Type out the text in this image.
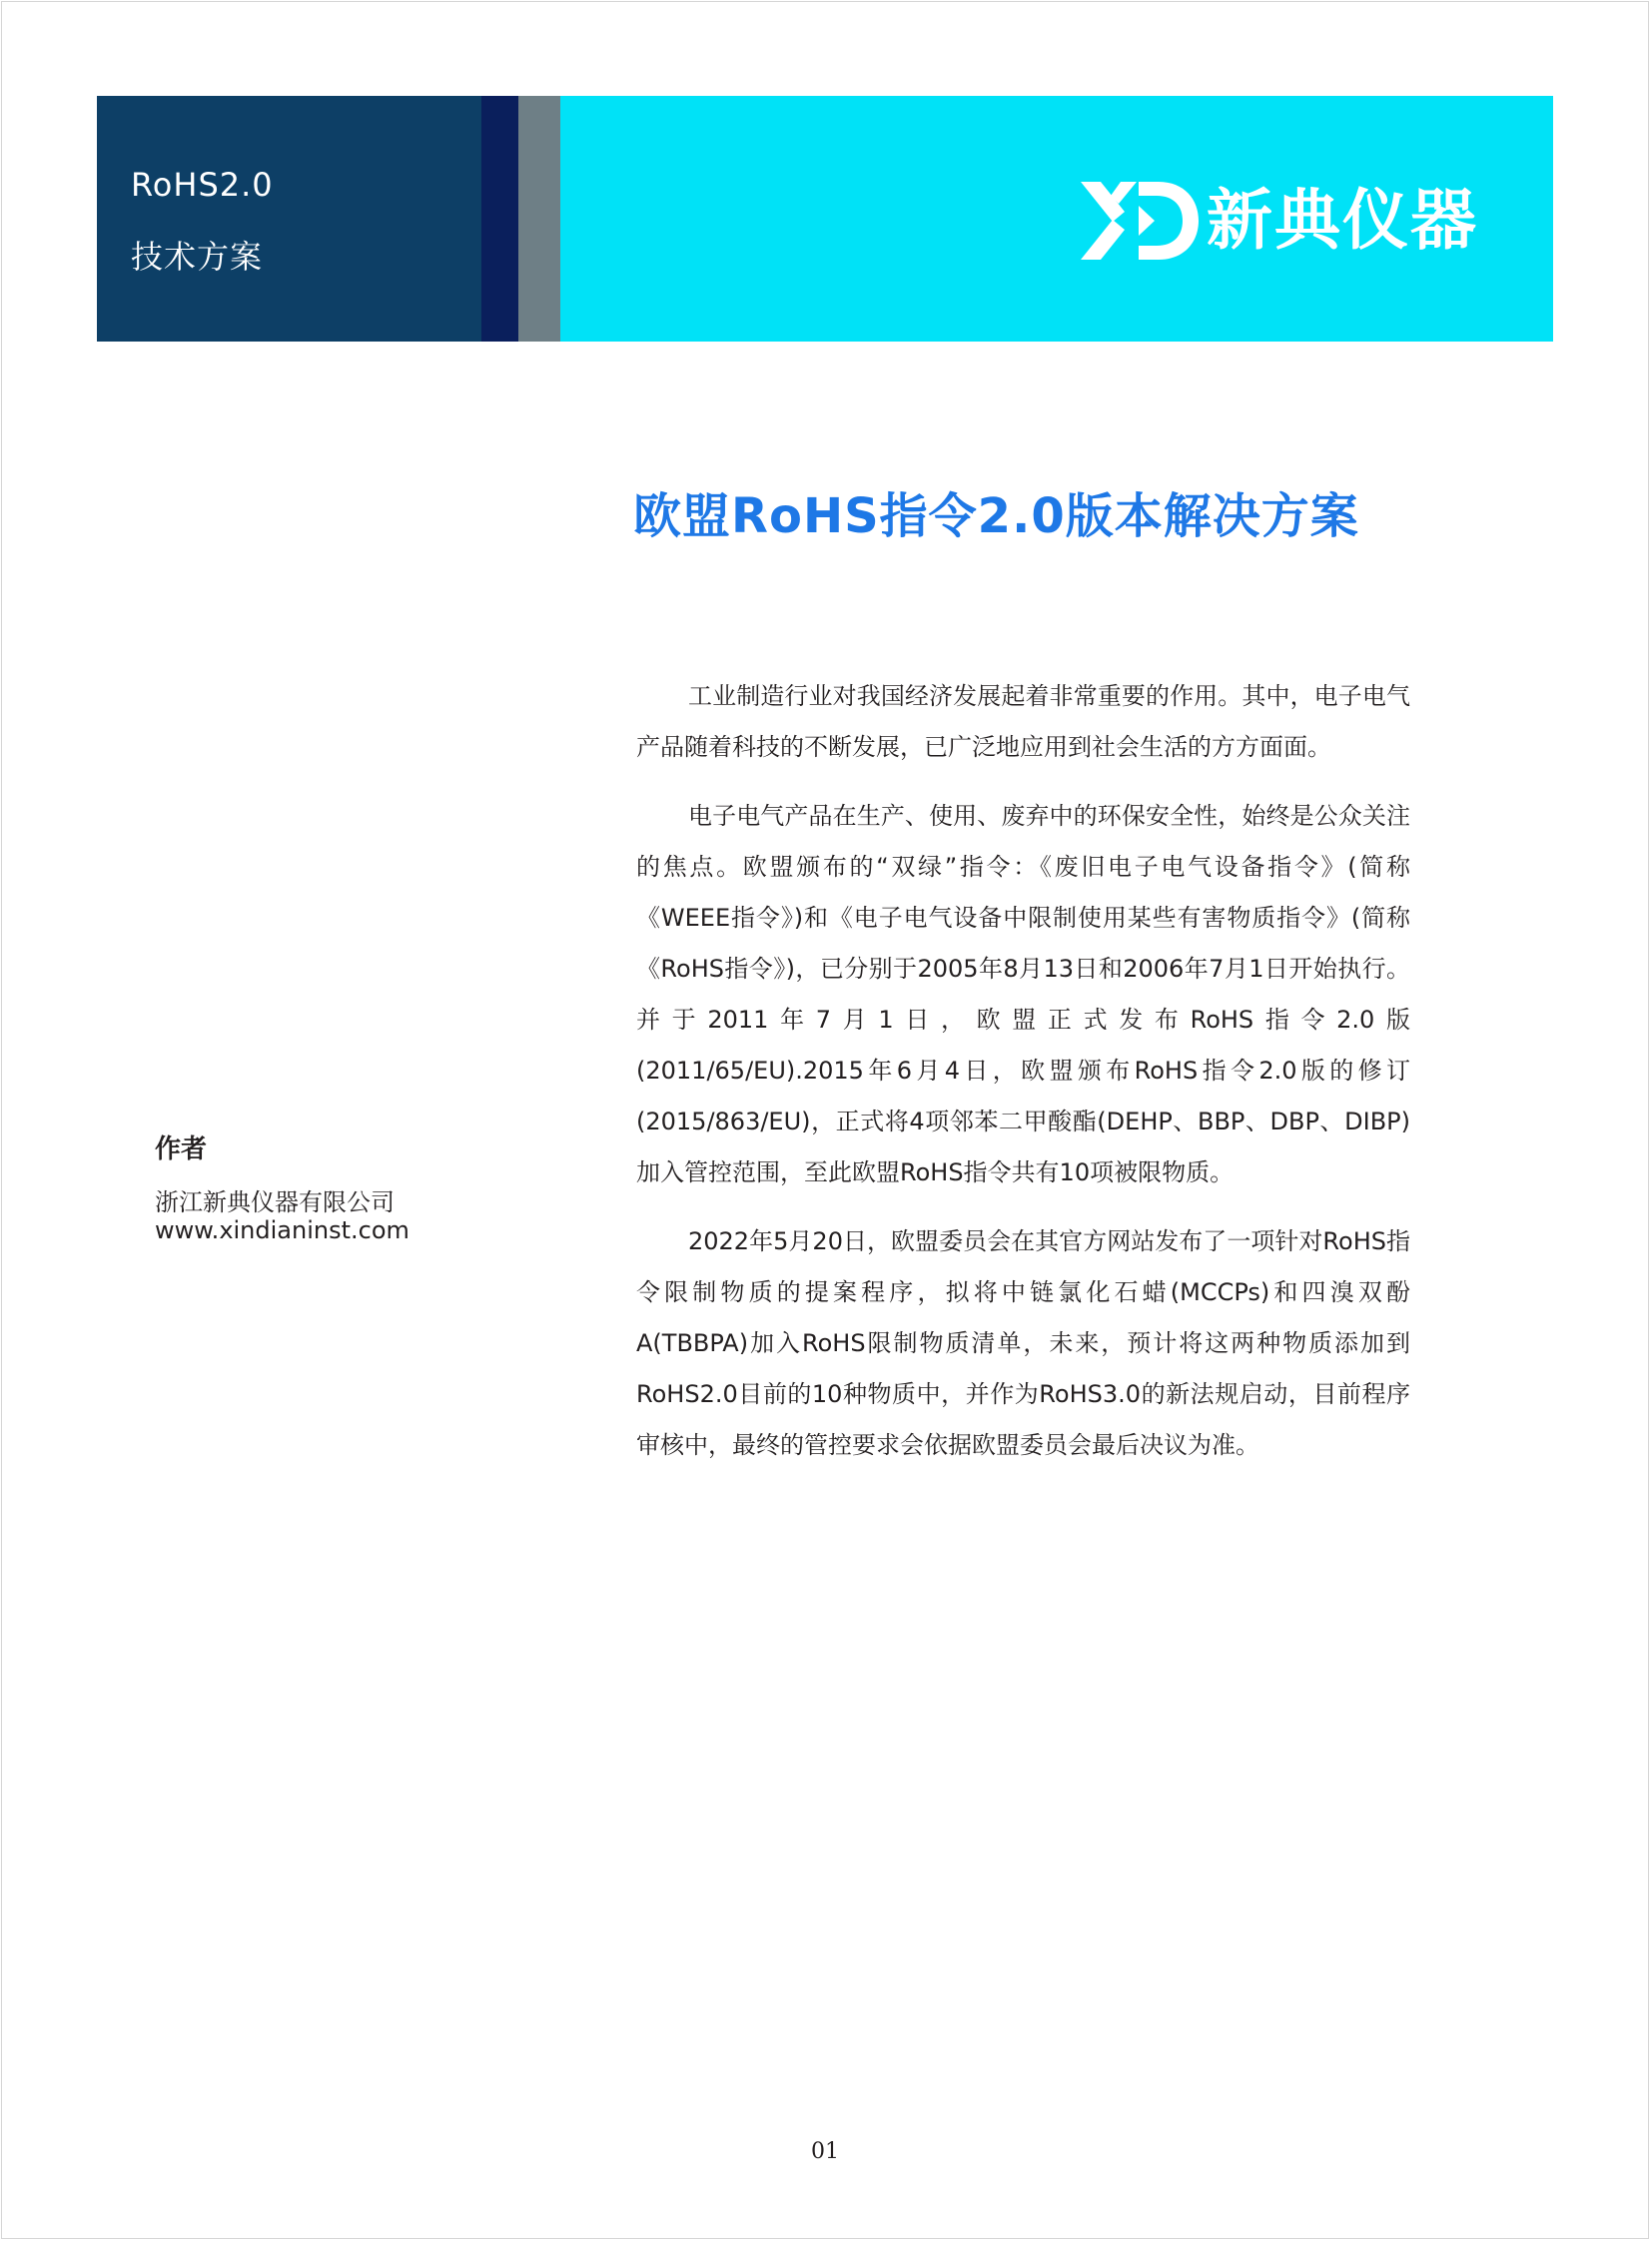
RoHS2.0
技术方案	新典仪器
欧盟RoHS指令2.0版本解决方案

工业制造行业对我国经济发展起着非常重要的作用。其中，电子电气产品随着科技的不断发展，已广泛地应用到社会生活的方方面面。

电子电气产品在生产、使用、废弃中的环保安全性，始终是公众关注的焦点。欧盟颁布的“双绿”指令：《废旧电子电气设备指令》(简称《WEEE指令》)和《电子电气设备中限制使用某些有害物质指令》(简称《RoHS指令》)，已分别于2005年8月13日和2006年7月1日开始执行。并于2011年7月1日，欧盟正式发布RoHS指令2.0版(2011/65/EU).2015年6月4日，欧盟颁布RoHS指令2.0版的修订(2015/863/EU)，正式将4项邻苯二甲酸酯(DEHP、BBP、DBP、DIBP)加入管控范围，至此欧盟RoHS指令共有10项被限物质。

2022年5月20日，欧盟委员会在其官方网站发布了一项针对RoHS指令限制物质的提案程序，拟将中链氯化石蜡(MCCPs)和四溴双酚A(TBBPA)加入RoHS限制物质清单，未来，预计将这两种物质添加到RoHS2.0目前的10种物质中，并作为RoHS3.0的新法规启动，目前程序审核中，最终的管控要求会依据欧盟委员会最后决议为准。

作者
浙江新典仪器有限公司
www.xindianinst.com
01
